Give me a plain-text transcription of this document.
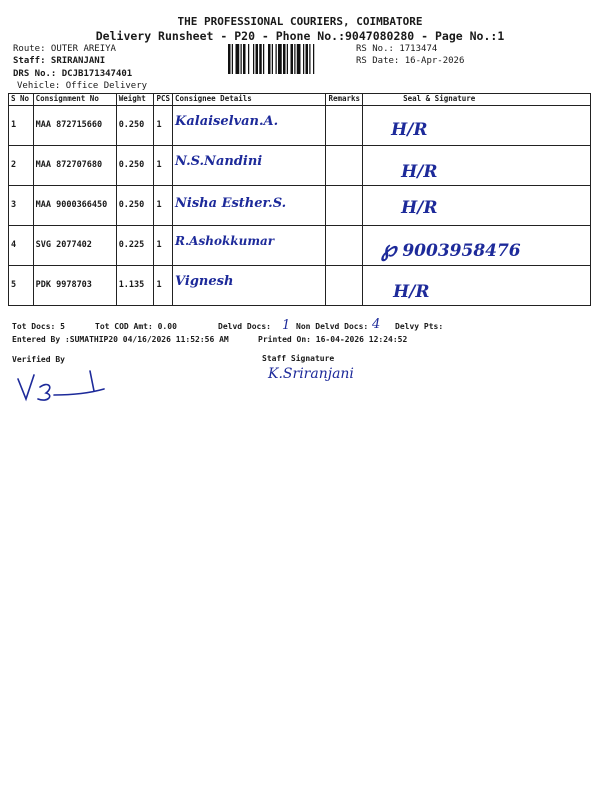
THE PROFESSIONAL COURIERS, COIMBATORE
Delivery Runsheet - P20 - Phone No.:9047080280 - Page No.:1
Route: OUTER AREIYA
Staff: SRIRANJANI
DRS No.: DCJB171347401
Vehicle: Office Delivery
RS No.: 1713474
RS Date: 16-Apr-2026
S No	Consignment No	Weight	PCS	Consignee Details	Remarks	Seal & Signature
1	MAA 872715660	0.250	1	Kalaiselvan.A.		H/R
2	MAA 872707680	0.250	1	N.S.Nandini		H/R
3	MAA 9000366450	0.250	1	Nisha Esther.S.		H/R
4	SVG 2077402	0.225	1	R.Ashokkumar		℘ 9003958476
5	PDK 9978703	1.135	1	Vignesh		H/R
Tot Docs: 5	Tot COD Amt: 0.00	Delvd Docs: 1 Non Delvd Docs: 4 Delvy Pts:
Entered By :SUMATHIP20 04/16/2026 11:52:56 AM	Printed On: 16-04-2026 12:24:52
Verified By	Staff Signature
K.Sriranjani
